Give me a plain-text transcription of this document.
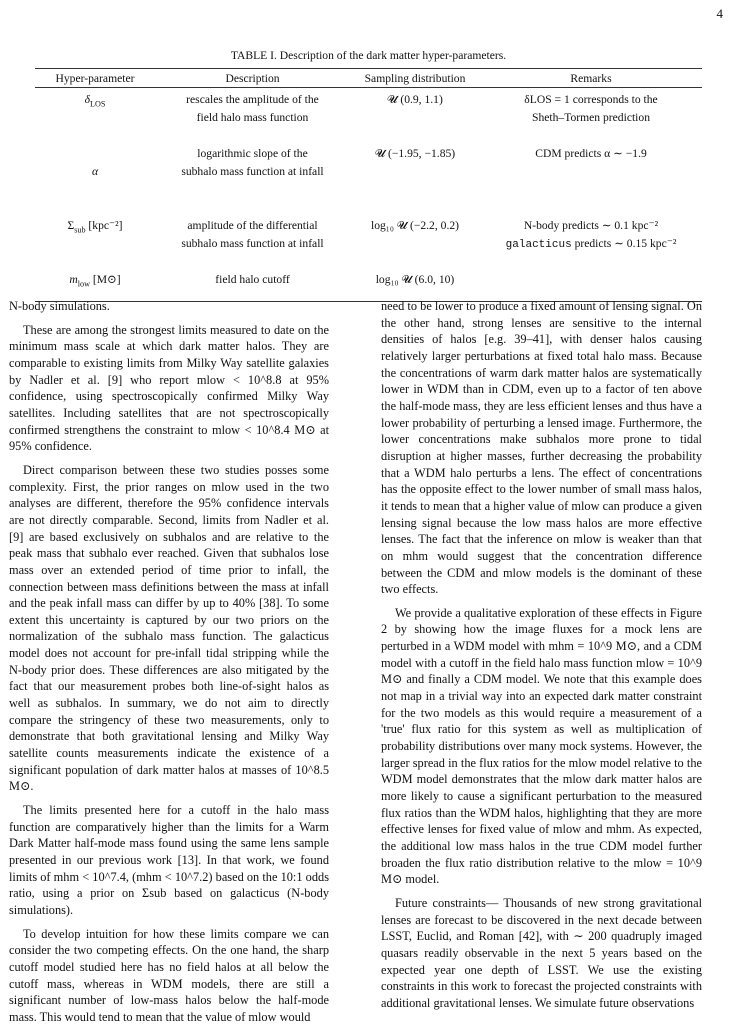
4
TABLE I. Description of the dark matter hyper-parameters.
Hyper-parameter	Description	Sampling distribution	Remarks
$\delta_{LOS}$	rescales the amplitude of the
field halo mass function	𝓤 (0.9, 1.1)	δLOS = 1 corresponds to the
Sheth–Tormen prediction
α	logarithmic slope of the
subhalo mass function at infall	𝓤 (−1.95, −1.85)	CDM predicts α ∼ −1.9
$\Sigma_{sub}$ [kpc⁻²]	amplitude of the differential
subhalo mass function at infall	log₁₀ 𝓤 (−2.2, 0.2)	N-body predicts ∼ 0.1 kpc⁻²
galacticus predicts ∼ 0.15 kpc⁻²
$m_{low}$ [M⊙]	field halo cutoff	log₁₀ 𝓤 (6.0, 10)	

N-body simulations.

These are among the strongest limits measured to date on the minimum mass scale at which dark matter halos. They are comparable to existing limits from Milky Way satellite galaxies by Nadler et al. [9] who report mlow < 10^8.8 at 95% confidence, using spectroscopically confirmed Milky Way satellites. Including satellites that are not spectroscopically confirmed strengthens the constraint to mlow < 10^8.4 M⊙ at 95% confidence.

Direct comparison between these two studies posses some complexity. First, the prior ranges on mlow used in the two analyses are different, therefore the 95% confidence intervals are not directly comparable. Second, limits from Nadler et al. [9] are based exclusively on subhalos and are relative to the peak mass that subhalo ever reached. Given that subhalos lose mass over an extended period of time prior to infall, the connection between mass definitions between the mass at infall and the peak infall mass can differ by up to 40% [38]. To some extent this uncertainty is captured by our two priors on the normalization of the subhalo mass function. The galacticus model does not account for pre-infall tidal stripping while the N-body prior does. These differences are also mitigated by the fact that our measurement probes both line-of-sight halos as well as subhalos. In summary, we do not aim to directly compare the stringency of these two measurements, only to demonstrate that both gravitational lensing and Milky Way satellite counts measurements indicate the existence of a significant population of dark matter halos at masses of 10^8.5 M⊙.

The limits presented here for a cutoff in the halo mass function are comparatively higher than the limits for a Warm Dark Matter half-mode mass found using the same lens sample presented in our previous work [13]. In that work, we found limits of mhm < 10^7.4, (mhm < 10^7.2) based on the 10:1 odds ratio, using a prior on Σsub based on galacticus (N-body simulations).

To develop intuition for how these limits compare we can consider the two competing effects. On the one hand, the sharp cutoff model studied here has no field halos at all below the cutoff mass, whereas in WDM models, there are still a significant number of low-mass halos below the half-mode mass. This would tend to mean that the value of mlow would

need to be lower to produce a fixed amount of lensing signal. On the other hand, strong lenses are sensitive to the internal densities of halos [e.g. 39–41], with denser halos causing relatively larger perturbations at fixed total halo mass. Because the concentrations of warm dark matter halos are systematically lower in WDM than in CDM, even up to a factor of ten above the half-mode mass, they are less efficient lenses and thus have a lower probability of perturbing a lensed image. Furthermore, the lower concentrations make subhalos more prone to tidal disruption at higher masses, further decreasing the probability that a WDM halo perturbs a lens. The effect of concentrations has the opposite effect to the lower number of small mass halos, it tends to mean that a higher value of mlow can produce a given lensing signal because the low mass halos are more effective lenses. The fact that the inference on mlow is weaker than that on mhm would suggest that the concentration difference between the CDM and mlow models is the dominant of these two effects.

We provide a qualitative exploration of these effects in Figure 2 by showing how the image fluxes for a mock lens are perturbed in a WDM model with mhm = 10^9 M⊙, and a CDM model with a cutoff in the field halo mass function mlow = 10^9 M⊙ and finally a CDM model. We note that this example does not map in a trivial way into an expected dark matter constraint for the two models as this would require a measurement of a 'true' flux ratio for this system as well as multiplication of probability distributions over many mock systems. However, the larger spread in the flux ratios for the mlow model relative to the WDM model demonstrates that the mlow dark matter halos are more likely to cause a significant perturbation to the measured flux ratios than the WDM halos, highlighting that they are more effective lenses for fixed value of mlow and mhm. As expected, the additional low mass halos in the true CDM model further broaden the flux ratio distribution relative to the mlow = 10^9 M⊙ model.

Future constraints— Thousands of new strong gravitational lenses are forecast to be discovered in the next decade between LSST, Euclid, and Roman [42], with ∼ 200 quadruply imaged quasars readily observable in the next 5 years based on the expected year one depth of LSST. We use the existing constraints in this work to forecast the projected constraints with additional gravitational lenses. We simulate future observations
